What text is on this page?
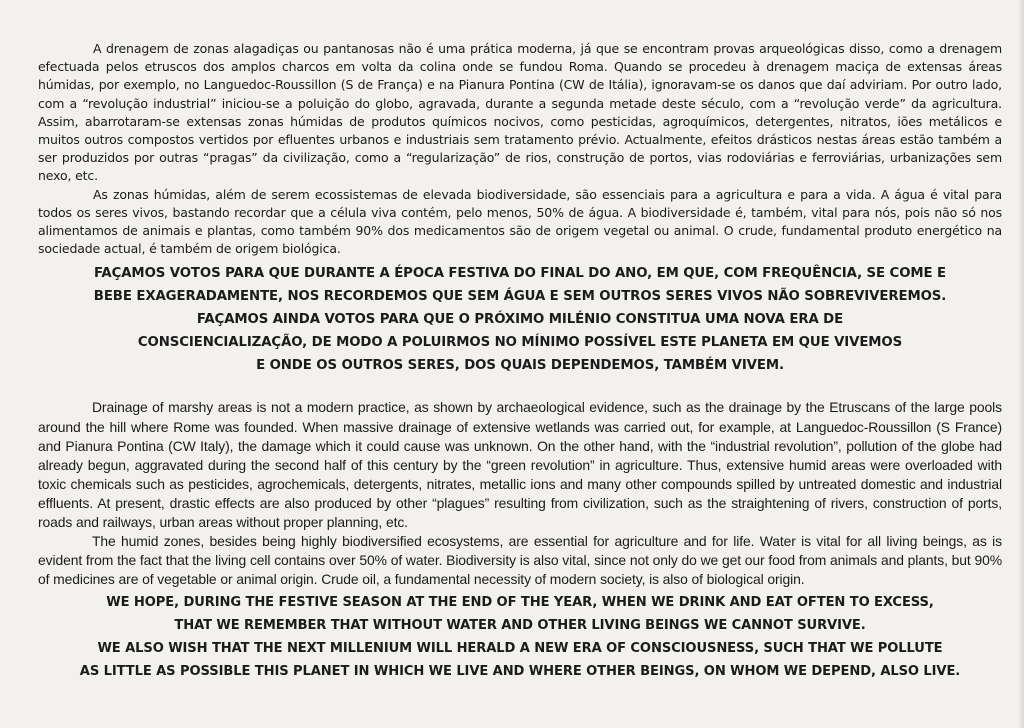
A drenagem de zonas alagadiças ou pantanosas não é uma prática moderna, já que se encontram provas arqueológicas disso, como a drenagem efectuada pelos etruscos dos amplos charcos em volta da colina onde se fundou Roma. Quando se procedeu à drenagem maciça de extensas áreas húmidas, por exemplo, no Languedoc-Roussillon (S de França) e na Pianura Pontina (CW de Itália), ignoravam-se os danos que daí adviriam. Por outro lado, com a “revolução industrial” iniciou-se a poluição do globo, agravada, durante a segunda metade deste século, com a “revolução verde” da agricultura. Assim, abarrotaram-se extensas zonas húmidas de produtos químicos nocivos, como pesticidas, agroquímicos, detergentes, nitratos, iões metálicos e muitos outros compostos vertidos por efluentes urbanos e industriais sem tratamento prévio. Actualmente, efeitos drásticos nestas áreas estão também a ser produzidos por outras “pragas” da civilização, como a “regularização” de rios, construção de portos, vias rodoviárias e ferroviárias, urbanizações sem nexo, etc.

As zonas húmidas, além de serem ecossistemas de elevada biodiversidade, são essenciais para a agricultura e para a vida. A água é vital para todos os seres vivos, bastando recordar que a célula viva contém, pelo menos, 50% de água. A biodiversidade é, também, vital para nós, pois não só nos alimentamos de animais e plantas, como também 90% dos medicamentos são de origem vegetal ou animal. O crude, fundamental produto energético na sociedade actual, é também de origem biológica.

FAÇAMOS VOTOS PARA QUE DURANTE A ÉPOCA FESTIVA DO FINAL DO ANO, EM QUE, COM FREQUÊNCIA, SE COME E
BEBE EXAGERADAMENTE, NOS RECORDEMOS QUE SEM ÁGUA E SEM OUTROS SERES VIVOS NÃO SOBREVIVEREMOS.
FAÇAMOS AINDA VOTOS PARA QUE O PRÓXIMO MILÉNIO CONSTITUA UMA NOVA ERA DE
CONSCIENCIALIZAÇÃO, DE MODO A POLUIRMOS NO MÍNIMO POSSÍVEL ESTE PLANETA EM QUE VIVEMOS
E ONDE OS OUTROS SERES, DOS QUAIS DEPENDEMOS, TAMBÉM VIVEM.

Drainage of marshy areas is not a modern practice, as shown by archaeological evidence, such as the drainage by the Etruscans of the large pools around the hill where Rome was founded. When massive drainage of extensive wetlands was carried out, for example, at Languedoc-Roussillon (S France) and Pianura Pontina (CW Italy), the damage which it could cause was unknown. On the other hand, with the “industrial revolution”, pollution of the globe had already begun, aggravated during the second half of this century by the “green revolution” in agriculture. Thus, extensive humid areas were overloaded with toxic chemicals such as pesticides, agrochemicals, detergents, nitrates, metallic ions and many other compounds spilled by untreated domestic and industrial effluents. At present, drastic effects are also produced by other “plagues” resulting from civilization, such as the straightening of rivers, construction of ports, roads and railways, urban areas without proper planning, etc.

The humid zones, besides being highly biodiversified ecosystems, are essential for agriculture and for life. Water is vital for all living beings, as is evident from the fact that the living cell contains over 50% of water. Biodiversity is also vital, since not only do we get our food from animals and plants, but 90% of medicines are of vegetable or animal origin. Crude oil, a fundamental necessity of modern society, is also of biological origin.

WE HOPE, DURING THE FESTIVE SEASON AT THE END OF THE YEAR, WHEN WE DRINK AND EAT OFTEN TO EXCESS,
THAT WE REMEMBER THAT WITHOUT WATER AND OTHER LIVING BEINGS WE CANNOT SURVIVE.
WE ALSO WISH THAT THE NEXT MILLENIUM WILL HERALD A NEW ERA OF CONSCIOUSNESS, SUCH THAT WE POLLUTE
AS LITTLE AS POSSIBLE THIS PLANET IN WHICH WE LIVE AND WHERE OTHER BEINGS, ON WHOM WE DEPEND, ALSO LIVE.
